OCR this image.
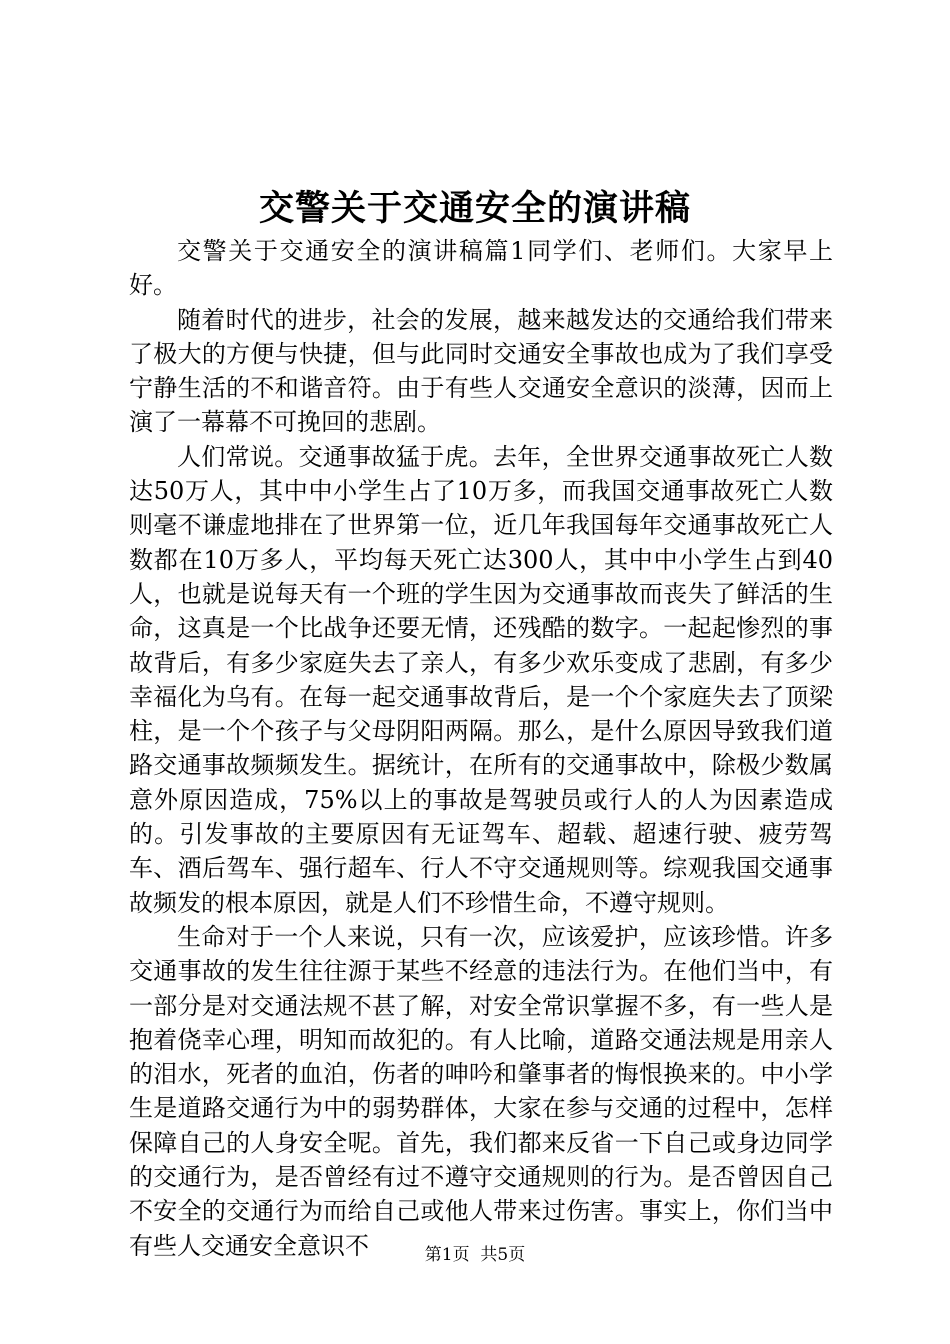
交警关于交通安全的演讲稿

交警关于交通安全的演讲稿篇1同学们、老师们。大家早上好。

随着时代的进步，社会的发展，越来越发达的交通给我们带来了极大的方便与快捷，但与此同时交通安全事故也成为了我们享受宁静生活的不和谐音符。由于有些人交通安全意识的淡薄，因而上演了一幕幕不可挽回的悲剧。

人们常说。交通事故猛于虎。去年，全世界交通事故死亡人数达50万人，其中中小学生占了10万多，而我国交通事故死亡人数则毫不谦虚地排在了世界第一位，近几年我国每年交通事故死亡人数都在10万多人，平均每天死亡达300人，其中中小学生占到40人，也就是说每天有一个班的学生因为交通事故而丧失了鲜活的生命，这真是一个比战争还要无情，还残酷的数字。一起起惨烈的事故背后，有多少家庭失去了亲人，有多少欢乐变成了悲剧，有多少幸福化为乌有。在每一起交通事故背后，是一个个家庭失去了顶梁柱，是一个个孩子与父母阴阳两隔。那么，是什么原因导致我们道路交通事故频频发生。据统计，在所有的交通事故中，除极少数属意外原因造成，75%以上的事故是驾驶员或行人的人为因素造成的。引发事故的主要原因有无证驾车、超载、超速行驶、疲劳驾车、酒后驾车、强行超车、行人不守交通规则等。综观我国交通事故频发的根本原因，就是人们不珍惜生命，不遵守规则。

生命对于一个人来说，只有一次，应该爱护，应该珍惜。许多交通事故的发生往往源于某些不经意的违法行为。在他们当中，有一部分是对交通法规不甚了解，对安全常识掌握不多，有一些人是抱着侥幸心理，明知而故犯的。有人比喻，道路交通法规是用亲人的泪水，死者的血泊，伤者的呻吟和肇事者的悔恨换来的。中小学生是道路交通行为中的弱势群体，大家在参与交通的过程中，怎样保障自己的人身安全呢。首先，我们都来反省一下自己或身边同学的交通行为，是否曾经有过不遵守交通规则的行为。是否曾因自己不安全的交通行为而给自己或他人带来过伤害。事实上，你们当中有些人交通安全意识不	第1页 共5页
